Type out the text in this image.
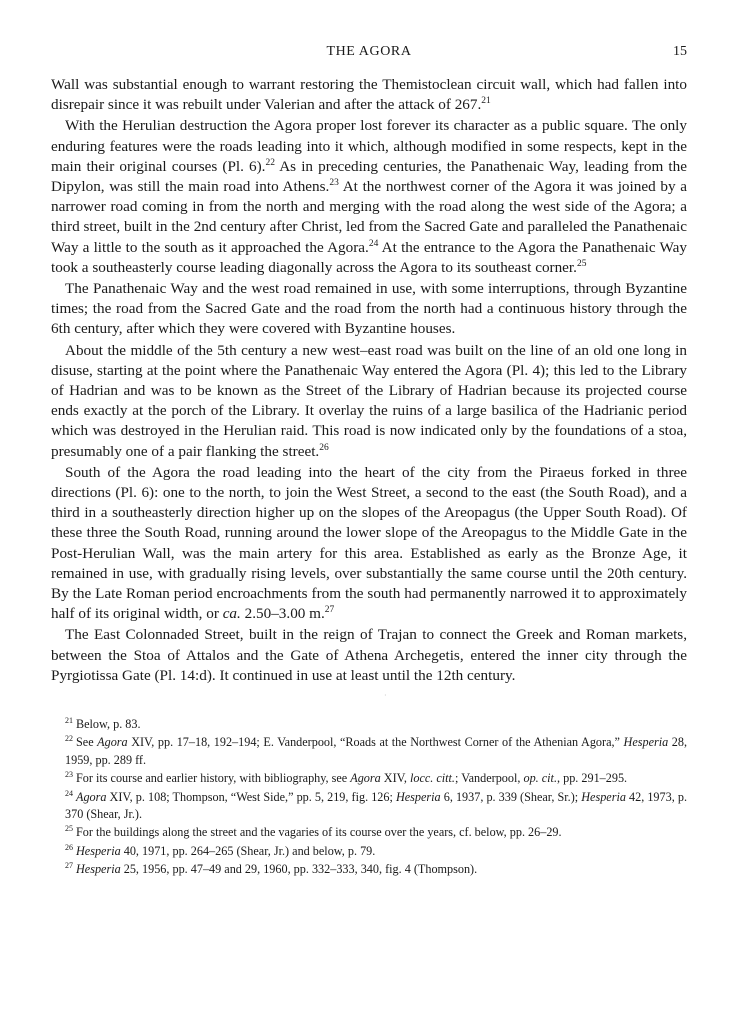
THE AGORA	15

Wall was substantial enough to warrant restoring the Themistoclean circuit wall, which had fallen into disrepair since it was rebuilt under Valerian and after the attack of 267.21

With the Herulian destruction the Agora proper lost forever its character as a public square. The only enduring features were the roads leading into it which, although modified in some respects, kept in the main their original courses (Pl. 6).$^{22}$ As in preceding centuries, the Panathenaic Way, leading from the Dipylon, was still the main road into Athens.$^{23}$ At the northwest corner of the Agora it was joined by a narrower road coming in from the north and merging with the road along the west side of the Agora; a third street, built in the 2nd century after Christ, led from the Sacred Gate and paralleled the Panathenaic Way a little to the south as it approached the Agora.$^{24}$ At the entrance to the Agora the Panathenaic Way took a southeasterly course leading diagonally across the Agora to its southeast corner.$^{25}$

The Panathenaic Way and the west road remained in use, with some interruptions, through Byzantine times; the road from the Sacred Gate and the road from the north had a continuous history through the 6th century, after which they were covered with Byzantine houses.

About the middle of the 5th century a new west–east road was built on the line of an old one long in disuse, starting at the point where the Panathenaic Way entered the Agora (Pl. 4); this led to the Library of Hadrian and was to be known as the Street of the Library of Hadrian because its projected course ends exactly at the porch of the Library. It overlay the ruins of a large basilica of the Hadrianic period which was destroyed in the Herulian raid. This road is now indicated only by the foundations of a stoa, presumably one of a pair flanking the street.$^{26}$

South of the Agora the road leading into the heart of the city from the Piraeus forked in three directions (Pl. 6): one to the north, to join the West Street, a second to the east (the South Road), and a third in a southeasterly direction higher up on the slopes of the Areopagus (the Upper South Road). Of these three the South Road, running around the lower slope of the Areopagus to the Middle Gate in the Post-Herulian Wall, was the main artery for this area. Established as early as the Bronze Age, it remained in use, with gradually rising levels, over substantially the same course until the 20th century. By the Late Roman period encroachments from the south had permanently narrowed it to approximately half of its original width, or ca. 2.50–3.00 m.$^{27}$

The East Colonnaded Street, built in the reign of Trajan to connect the Greek and Roman markets, between the Stoa of Attalos and the Gate of Athena Archegetis, entered the inner city through the Pyrgiotissa Gate (Pl. 14:d). It continued in use at least until the 12th century.

·
$^{21}$ Below, p. 83.
$^{22}$ See Agora XIV, pp. 17–18, 192–194; E. Vanderpool, “Roads at the Northwest Corner of the Athenian Agora,” Hesperia 28, 1959, pp. 289 ff.
$^{23}$ For its course and earlier history, with bibliography, see Agora XIV, locc. citt.; Vanderpool, op. cit., pp. 291–295.
$^{24}$ Agora XIV, p. 108; Thompson, “West Side,” pp. 5, 219, fig. 126; Hesperia 6, 1937, p. 339 (Shear, Sr.); Hesperia 42, 1973, p. 370 (Shear, Jr.).
$^{25}$ For the buildings along the street and the vagaries of its course over the years, cf. below, pp. 26–29.
$^{26}$ Hesperia 40, 1971, pp. 264–265 (Shear, Jr.) and below, p. 79.
$^{27}$ Hesperia 25, 1956, pp. 47–49 and 29, 1960, pp. 332–333, 340, fig. 4 (Thompson).
